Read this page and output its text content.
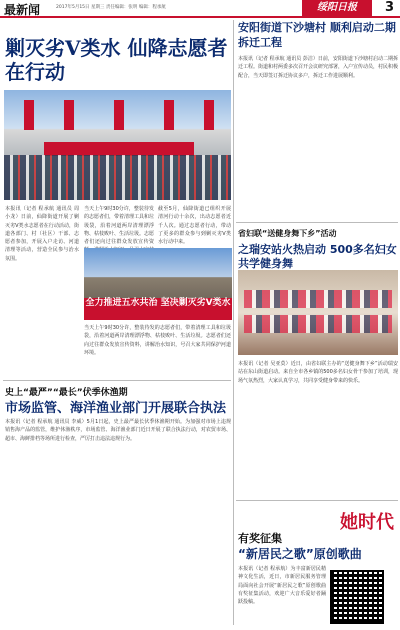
最新闻	2017年5月15日 星期三 责任编辑：张明 编辑：程承航	绥阳日报	3
剿灭劣Ⅴ类水 仙降志愿者在行动
本报讯（记者 程承航 通讯员 周 小龙）日前，仙降街道开展了剿灭劣V类水志愿者在行动活动，街道各部门、村（社区）干部、志愿者参加，开展入户走访、河道清理等活动，营造全民参与治水氛围。
当天上午9时30分许，整装待发的志愿者们，带着清理工具和垃圾袋，沿着河道两岸清理漂浮物、枯枝败叶、生活垃圾。志愿者们还向过往群众发放宣传资
截至5月，仙降街道已组织开展清河行动十余次，出动志愿者近千人次。通过志愿者行动，带动了更多的群众参与到剿灭劣V类水行动中来。
全力推进五水共治 坚决剿灭劣Ⅴ类水
当天上午9时30分许，整装待发的志愿者们，带着清理工具和垃圾袋，沿着河道两岸清理漂浮物、枯枝败叶、生活垃圾。志愿者们还向过往群众发放宣传资料，讲解治水知识，号召大家共同保护河道环境。
史上“最严”“最长”伏季休渔期
市场监管、海洋渔业部门开展联合执法
本报讯（记者 程承航 通讯员 李威）5月1日起，史上最严最长伏季休渔期开始。为加强对市场上违规销售海产品的监管，维护休渔秩序，市场监管、海洋渔业部门近日开展了联合执法行动，对农贸市场、超市、海鲜排档等场所进行检查，严厉打击违法违规行为。
安阳街道下沙塘村 顺利启动二期拆迁工程
本报讯（记者 程承航 通讯员 彭洁）日前，安阳街道下沙塘村启动二期拆迁工程。街道和村两委多次召开会议研究部署，入户宣传动员，村民积极配合，当天即签订拆迁协议多户，拆迁工作进展顺利。
省妇联“送健身舞下乡”活动
之瑞安站火热启动 500多名妇女共学健身舞
本报讯（记者 吴亚莫）近日，由省妇联主办的“送健身舞下乡”活动瑞安站在东山街道启动。来自全市各乡镇的500多名妇女骨干参加了培训，现场气氛热烈，大家认真学习，共同享受健身带来的快乐。
她时代
有奖征集
“新居民之歌”原创歌曲
本报讯（记者 程承航）为丰富新居民精神文化生活，近日，市新居民服务管理局面向社会开展“新居民之歌”原创歌曲有奖征集活动，欢迎广大音乐爱好者踊跃投稿。
